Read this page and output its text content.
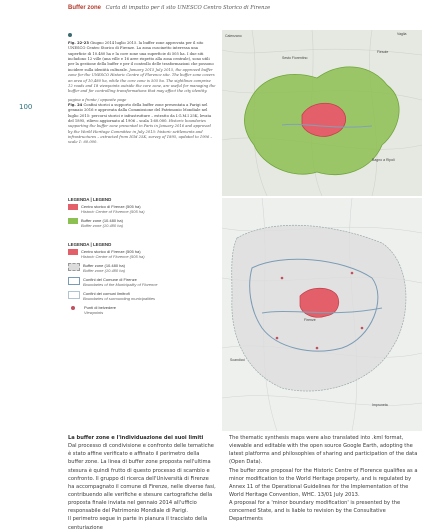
Buffer zone Carta di impatto per il sito UNESCO Centro Storico di Firenze
100

Fig. 22-23 Giugno 2014 luglio 2015. la buffer zone approvata per il sito UNESCO Centro Storico di Firenze. La zona cuscinetto interessa una superficie di 10.480 ha e la core zone una superficie di 505 ha. I due siti includono 12 ville (una ville e 16 aree rispetto alla zona centrale), sono utili per la gestione della buffer e per il controllo delle trasformazioni che possono incidere sulla identità culturale. January 2015 July 2015, the approved buffer zone for the UNESCO Historic Centre of Florence site. The buffer zone covers an area of 10,480 ha, while the core zone is 505 ha. The sightlines comprise 12 roads and 18 viewpoints outside the core zone, are useful for managing the buffer and for controlling transformations that may affect the city identity.

pagina a fronte / opposite page
Fig. 24 Confini storici a supporto della buffer zone presentata a Parigi nel gennaio 2016 e approvata dalla Commissione del Patrimonio Mondiale nel luglio 2015: percorsi storici e infrastrutture – estratto da I.G.M.I 25K, levata del 1895, rilievo aggiornato al 1906 – scala 1:60.000. Historic boundaries supporting the buffer zone presented in Paris in January 2016 and approved by the World Heritage Committee in July 2015: historic settlements and infrastructures – extracted from IGM 25K, survey of 1895, updated to 1906 – scale 1: 60.000.

Calenzano
Sesto Fiorentino
Fiesole
Bagno a Ripoli
Vaglia
Firenze
Scandicci
Impruneta
LEGENDA | LEGEND
Centro storico di Firenze (505 ha)
Historic Centre of Florence (505 ha)
Buffer zone (10.480 ha)
Buffer zone (10.480 ha)
LEGENDA | LEGEND
Centro storico di Firenze (505 ha)
Historic Centre of Florence (505 ha)
Buffer zone (10.480 ha)
Buffer zone (10.480 ha)
Confini del Comune di Firenze
Boundaries of the Municipality of Florence
Confini dei comuni limitrofi
Boundaries of surrounding municipalities
Punti di belvedere
Viewpoints

La buffer zone e l'individuazione dei suoi limiti

Dal processo di condivisione e confronto delle tematiche è stato affine verificato e affinato il perimetro della buffer zone. La linea di buffer zone proposta nell'ultima stesura è quindi frutto di questo processo di scambio e confronto. Il gruppo di ricerca dell'Università di Firenze ha accompagnato il comune di Firenze, nelle diverse fasi, contribuendo alle verifiche e stesure cartografiche della proposta finale inviata nel gennaio 2014 all'ufficio responsabile del Patrimonio Mondiale di Parigi.

Il perimetro segue in parte in pianura il tracciato della centuriazione

The thematic synthesis maps were also translated into .kml format, viewable and editable with the open source Google Earth, adopting the latest platforms and philosophies of sharing and participation of the data (Open Data).

The buffer zone proposal for the Historic Centre of Florence qualifies as a minor modification to the World Heritage property, and is regulated by Annex 11 of the Operational Guidelines for the Implementation of the World Heritage Convention, WHC. 13/01 July 2013.

A proposal for a 'minor boundary modification' is presented by the concerned State, and is liable to revision by the Consultative Departments
